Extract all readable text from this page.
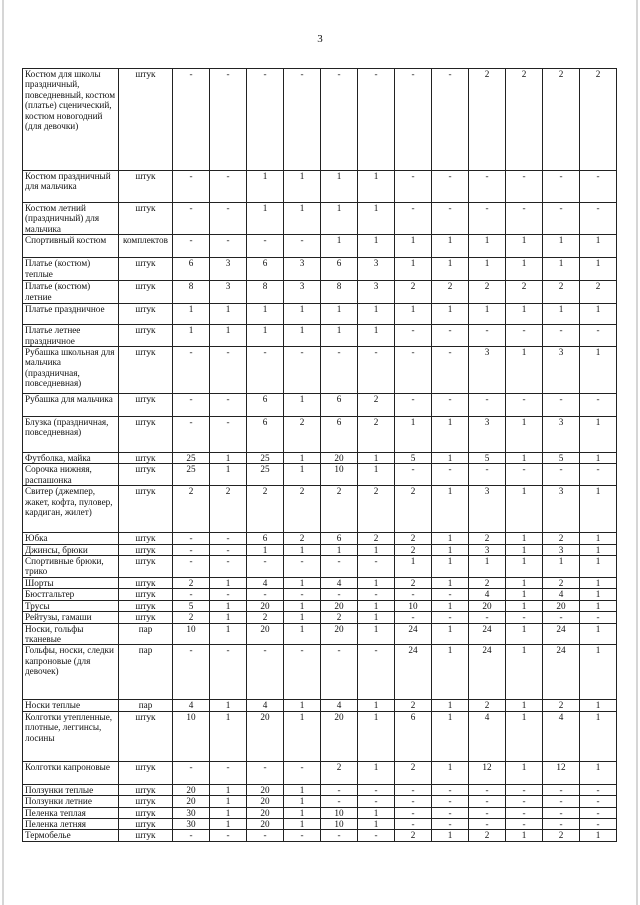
3
Костюм для школы праздничный, повседневный, костюм (платье) сценический, костюм новогодний (для девочки)	штук	-	-	-	-	-	-	-	-	2	2	2	2
Костюм праздничный для мальчика	штук	-	-	1	1	1	1	-	-	-	-	-	-
Костюм летний (праздничный) для мальчика	штук	-	-	1	1	1	1	-	-	-	-	-	-
Спортивный костюм	комплектов	-	-	-	-	1	1	1	1	1	1	1	1
Платье (костюм) теплые	штук	6	3	6	3	6	3	1	1	1	1	1	1
Платье (костюм) летние	штук	8	3	8	3	8	3	2	2	2	2	2	2
Платье праздничное	штук	1	1	1	1	1	1	1	1	1	1	1	1
Платье летнее праздничное	штук	1	1	1	1	1	1	-	-	-	-	-	-
Рубашка школьная для мальчика (праздничная, повседневная)	штук	-	-	-	-	-	-	-	-	3	1	3	1
Рубашка для мальчика	штук	-	-	6	1	6	2	-	-	-	-	-	-
Блузка (праздничная, повседневная)	штук	-	-	6	2	6	2	1	1	3	1	3	1
Футболка, майка	штук	25	1	25	1	20	1	5	1	5	1	5	1
Сорочка нижняя, распашонка	штук	25	1	25	1	10	1	-	-	-	-	-	-
Свитер (джемпер, жакет, кофта, пуловер, кардиган, жилет)	штук	2	2	2	2	2	2	2	1	3	1	3	1
Юбка	штук	-	-	6	2	6	2	2	1	2	1	2	1
Джинсы, брюки	штук	-	-	1	1	1	1	2	1	3	1	3	1
Спортивные брюки, трико	штук	-	-	-	-	-	-	1	1	1	1	1	1
Шорты	штук	2	1	4	1	4	1	2	1	2	1	2	1
Бюстгальтер	штук	-	-	-	-	-	-	-	-	4	1	4	1
Трусы	штук	5	1	20	1	20	1	10	1	20	1	20	1
Рейтузы, гамаши	штук	2	1	2	1	2	1	-	-	-	-	-	-
Носки, гольфы тканевые	пар	10	1	20	1	20	1	24	1	24	1	24	1
Гольфы, носки, следки капроновые (для девочек)	пар	-	-	-	-	-	-	24	1	24	1	24	1
Носки теплые	пар	4	1	4	1	4	1	2	1	2	1	2	1
Колготки утепленные, плотные, леггинсы, лосины	штук	10	1	20	1	20	1	6	1	4	1	4	1
Колготки капроновые	штук	-	-	-	-	2	1	2	1	12	1	12	1
Ползунки теплые	штук	20	1	20	1	-	-	-	-	-	-	-	-
Ползунки летние	штук	20	1	20	1	-	-	-	-	-	-	-	-
Пеленка теплая	штук	30	1	20	1	10	1	-	-	-	-	-	-
Пеленка летняя	штук	30	1	20	1	10	1	-	-	-	-	-	-
Термобелье	штук	-	-	-	-	-	-	2	1	2	1	2	1
